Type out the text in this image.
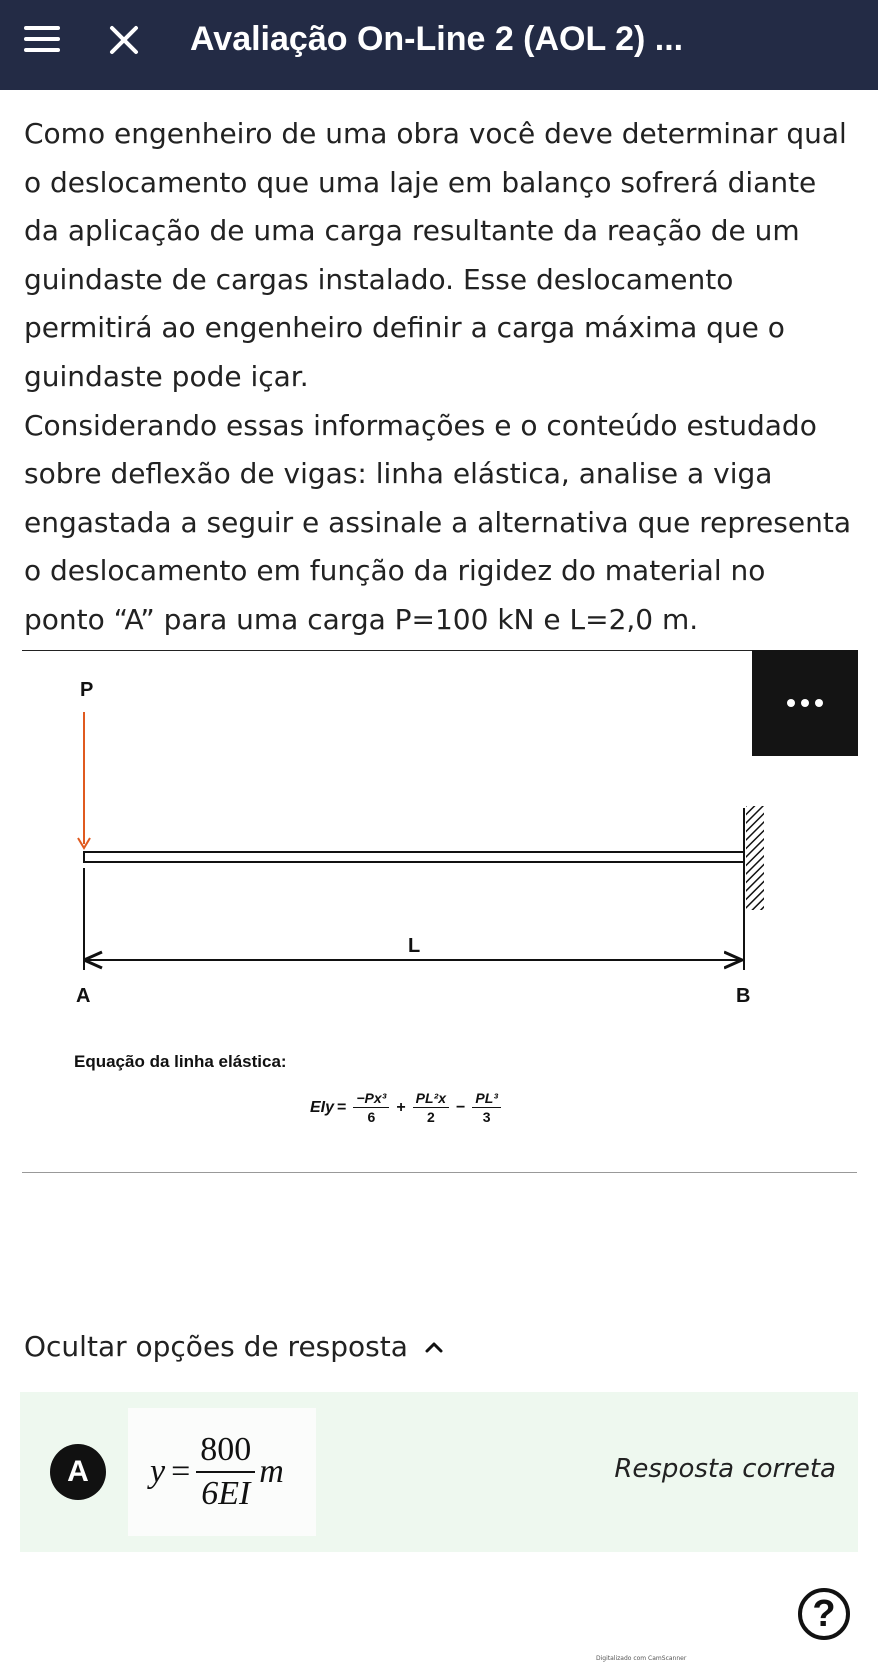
Avaliação On-Line 2 (AOL 2) ...

Como engenheiro de uma obra você deve determinar qual o deslocamento que uma laje em balanço sofrerá diante da aplicação de uma carga resultante da reação de um guindaste de cargas instalado. Esse deslocamento permitirá ao engenheiro definir a carga máxima que o guindaste pode içar.

Considerando essas informações e o conteúdo estudado sobre deflexão de vigas: linha elástica, analise a viga engastada a seguir e assinale a alternativa que representa o deslocamento em função da rigidez do material no ponto “A” para uma carga P=100 kN e L=2,0 m.

P
L
A	B
Equação da linha elástica:
EIy = $\frac{\text{−Px³}}{6} + \frac{\text{PL²x}}{2} - \frac{\text{PL³}}{3}$
Ocultar opções de resposta
A	$y = \frac{800}{6EI}$ m	Resposta correta
?
Digitalizado com CamScanner
